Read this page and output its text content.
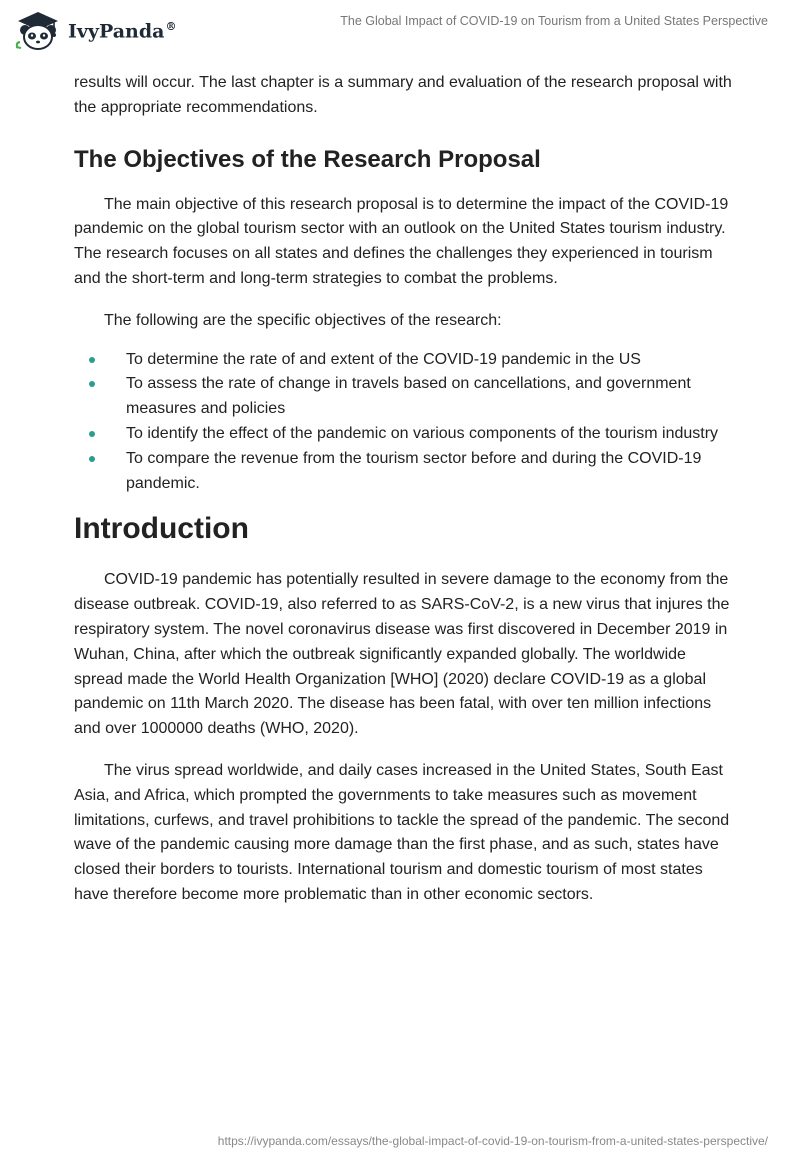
IvyPanda®	The Global Impact of COVID-19 on Tourism from a United States Perspective

results will occur. The last chapter is a summary and evaluation of the research proposal with the appropriate recommendations.

The Objectives of the Research Proposal

The main objective of this research proposal is to determine the impact of the COVID-19 pandemic on the global tourism sector with an outlook on the United States tourism industry. The research focuses on all states and defines the challenges they experienced in tourism and the short-term and long-term strategies to combat the problems.

The following are the specific objectives of the research:

To determine the rate of and extent of the COVID-19 pandemic in the US
To assess the rate of change in travels based on cancellations, and government measures and policies
To identify the effect of the pandemic on various components of the tourism industry
To compare the revenue from the tourism sector before and during the COVID-19 pandemic.
Introduction

COVID-19 pandemic has potentially resulted in severe damage to the economy from the disease outbreak. COVID-19, also referred to as SARS-CoV-2, is a new virus that injures the respiratory system. The novel coronavirus disease was first discovered in December 2019 in Wuhan, China, after which the outbreak significantly expanded globally. The worldwide spread made the World Health Organization [WHO] (2020) declare COVID-19 as a global pandemic on 11th March 2020. The disease has been fatal, with over ten million infections and over 1000000 deaths (WHO, 2020).

The virus spread worldwide, and daily cases increased in the United States, South East Asia, and Africa, which prompted the governments to take measures such as movement limitations, curfews, and travel prohibitions to tackle the spread of the pandemic. The second wave of the pandemic causing more damage than the first phase, and as such, states have closed their borders to tourists. International tourism and domestic tourism of most states have therefore become more problematic than in other economic sectors.

https://ivypanda.com/essays/the-global-impact-of-covid-19-on-tourism-from-a-united-states-perspective/
